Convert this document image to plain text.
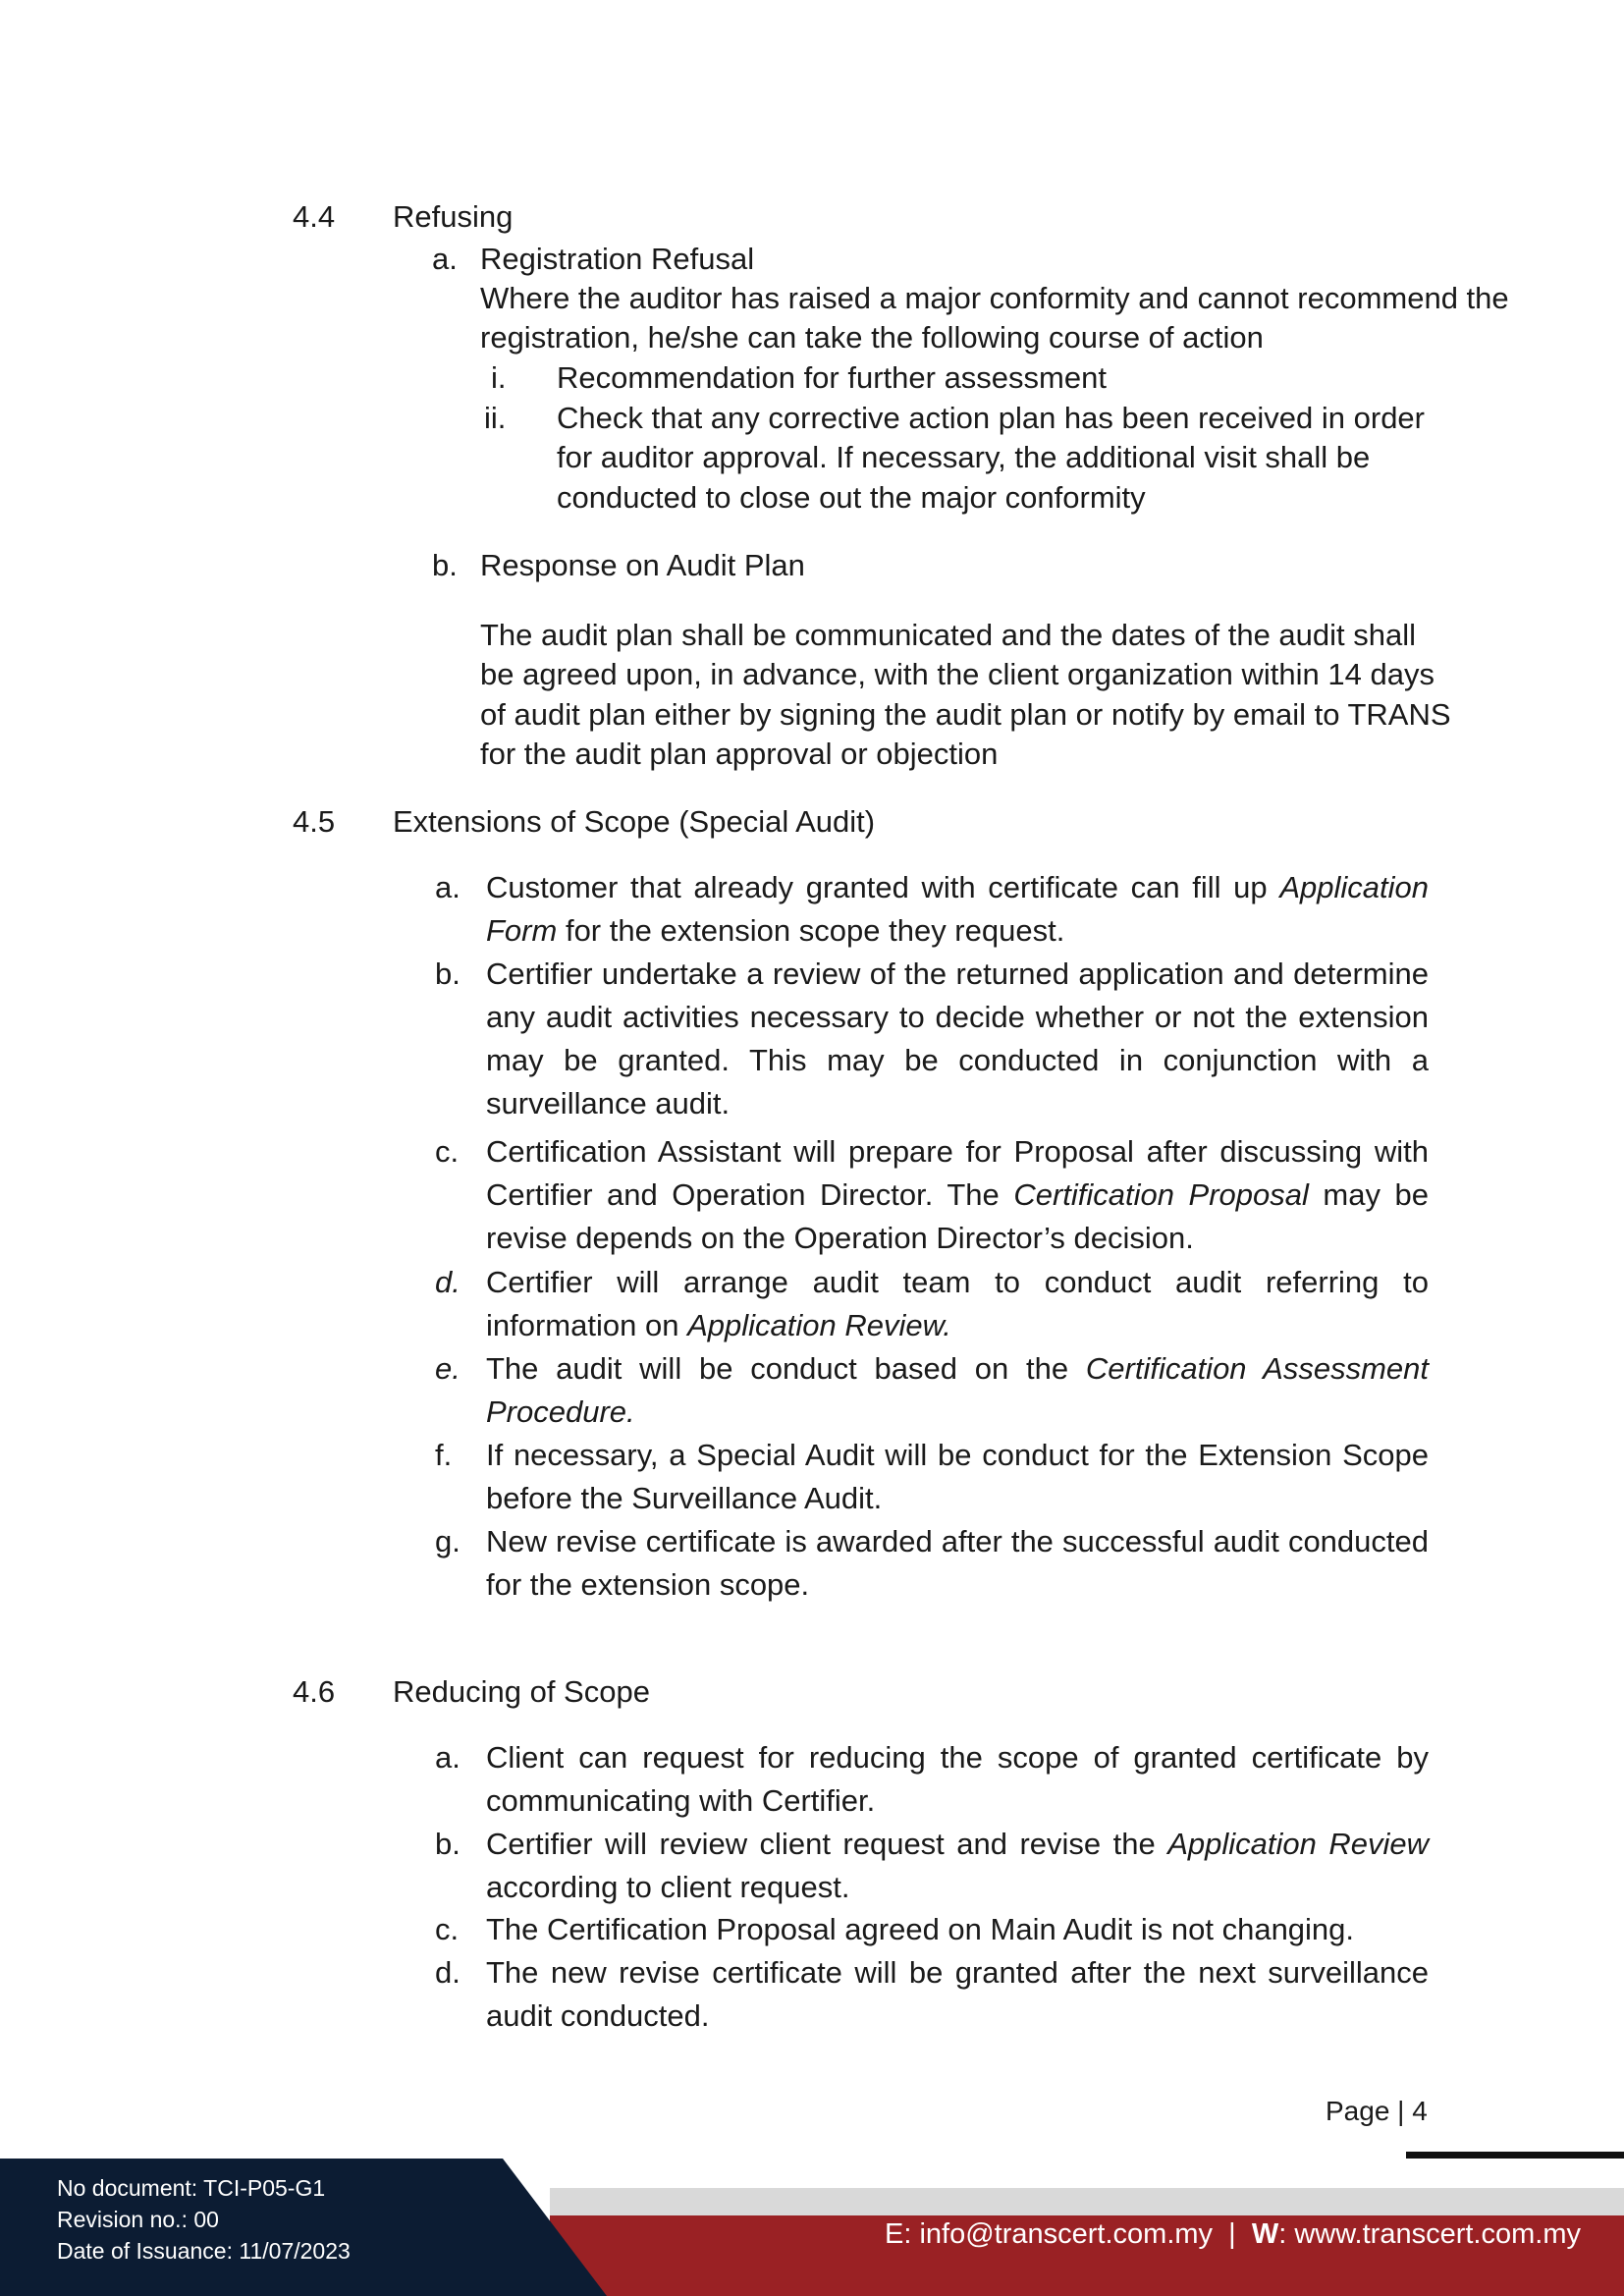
4.4 Refusing
a. Registration Refusal
Where the auditor has raised a major conformity and cannot recommend the
registration, he/she can take the following course of action
i. Recommendation for further assessment
ii. Check that any corrective action plan has been received in order
for auditor approval. If necessary, the additional visit shall be
conducted to close out the major conformity
b. Response on Audit Plan
The audit plan shall be communicated and the dates of the audit shall
be agreed upon, in advance, with the client organization within 14 days
of audit plan either by signing the audit plan or notify by email to TRANS
for the audit plan approval or objection
4.5 Extensions of Scope (Special Audit)
a. Customer that already granted with certificate can fill up Application

Form for the extension scope they request.

b. Certifier undertake a review of the returned application and determine

any audit activities necessary to decide whether or not the extension

may be granted. This may be conducted in conjunction with a

surveillance audit.

c. Certification Assistant will prepare for Proposal after discussing with

Certifier and Operation Director. The Certification Proposal may be

revise depends on the Operation Director’s decision.

d. Certifier will arrange audit team to conduct audit referring to

information on Application Review.

e. The audit will be conduct based on the Certification Assessment

Procedure.

f. If necessary, a Special Audit will be conduct for the Extension Scope

before the Surveillance Audit.

g. New revise certificate is awarded after the successful audit conducted

for the extension scope.

4.6 Reducing of Scope
a. Client can request for reducing the scope of granted certificate by

communicating with Certifier.

b. Certifier will review client request and revise the Application Review

according to client request.

c. The Certification Proposal agreed on Main Audit is not changing.

d. The new revise certificate will be granted after the next surveillance

audit conducted.

Page | 4
No document: TCI-P05-G1
Revision no.: 00
Date of Issuance: 11/07/2023
E: info@transcert.com.my | W: www.transcert.com.my
